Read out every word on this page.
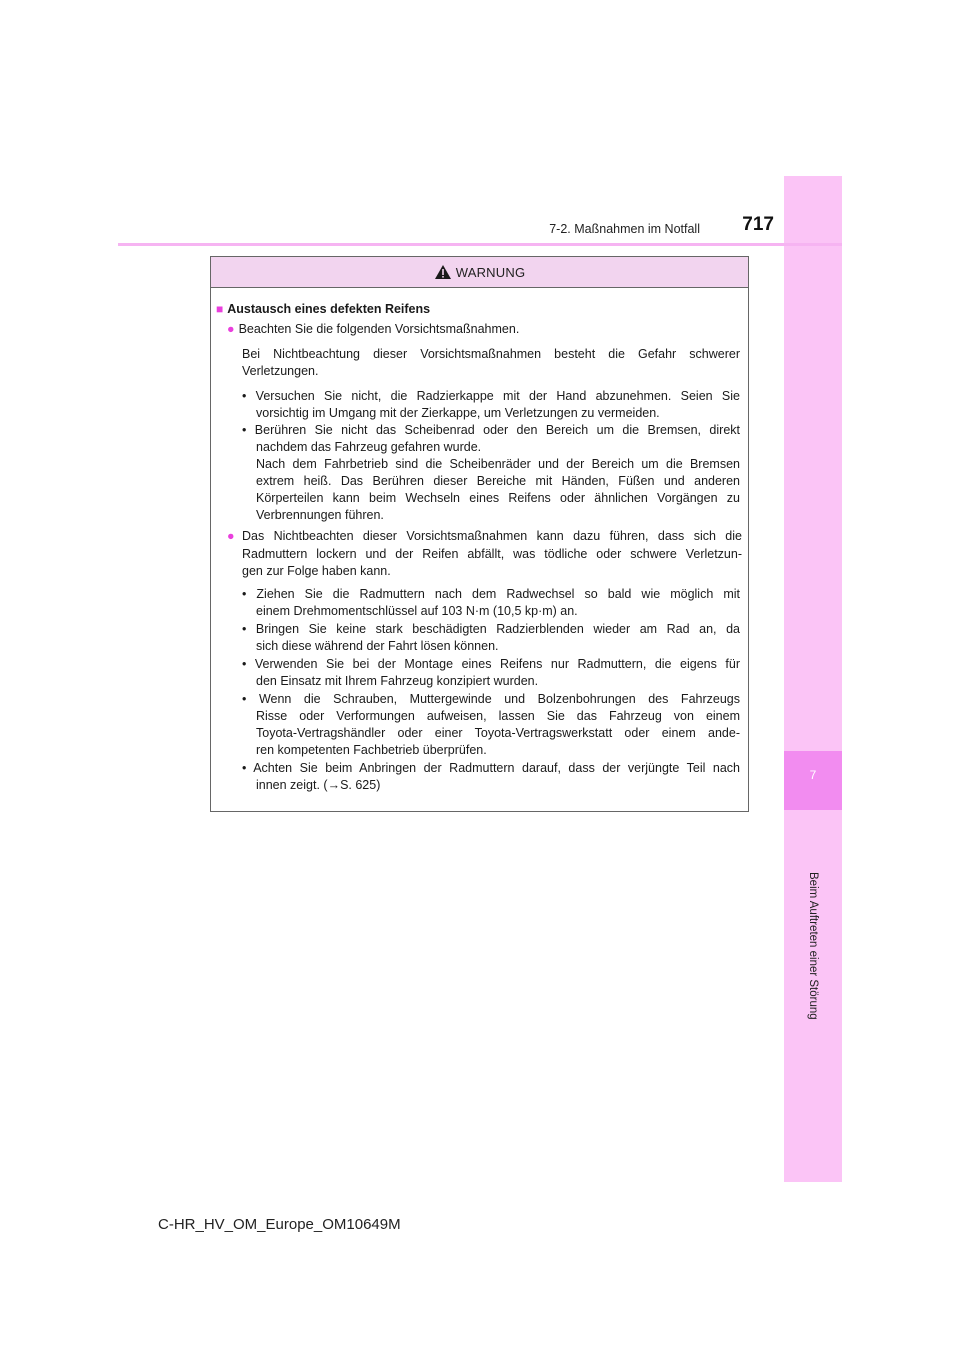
7
Beim Auftreten einer Störung
7-2. Maßnahmen im Notfall	717
WARNUNG
■ Austausch eines defekten Reifens
● Beachten Sie die folgenden Vorsichtsmaßnahmen.
Bei Nichtbeachtung dieser Vorsichtsmaßnahmen besteht die Gefahr schwerer
Verletzungen.
• Versuchen Sie nicht, die Radzierkappe mit der Hand abzunehmen. Seien Sie
vorsichtig im Umgang mit der Zierkappe, um Verletzungen zu vermeiden.
• Berühren Sie nicht das Scheibenrad oder den Bereich um die Bremsen, direkt
nachdem das Fahrzeug gefahren wurde.
Nach dem Fahrbetrieb sind die Scheibenräder und der Bereich um die Bremsen
extrem heiß. Das Berühren dieser Bereiche mit Händen, Füßen und anderen
Körperteilen kann beim Wechseln eines Reifens oder ähnlichen Vorgängen zu
Verbrennungen führen.
● Das Nichtbeachten dieser Vorsichtsmaßnahmen kann dazu führen, dass sich die
Radmuttern lockern und der Reifen abfällt, was tödliche oder schwere Verletzun-
gen zur Folge haben kann.
• Ziehen Sie die Radmuttern nach dem Radwechsel so bald wie möglich mit
einem Drehmomentschlüssel auf 103 N·m (10,5 kp·m) an.
• Bringen Sie keine stark beschädigten Radzierblenden wieder am Rad an, da
sich diese während der Fahrt lösen können.
• Verwenden Sie bei der Montage eines Reifens nur Radmuttern, die eigens für
den Einsatz mit Ihrem Fahrzeug konzipiert wurden.
• Wenn die Schrauben, Muttergewinde und Bolzenbohrungen des Fahrzeugs
Risse oder Verformungen aufweisen, lassen Sie das Fahrzeug von einem
Toyota-Vertragshändler oder einer Toyota-Vertragswerkstatt oder einem ande-
ren kompetenten Fachbetrieb überprüfen.
• Achten Sie beim Anbringen der Radmuttern darauf, dass der verjüngte Teil nach
innen zeigt. (→S. 625)
C-HR_HV_OM_Europe_OM10649M
